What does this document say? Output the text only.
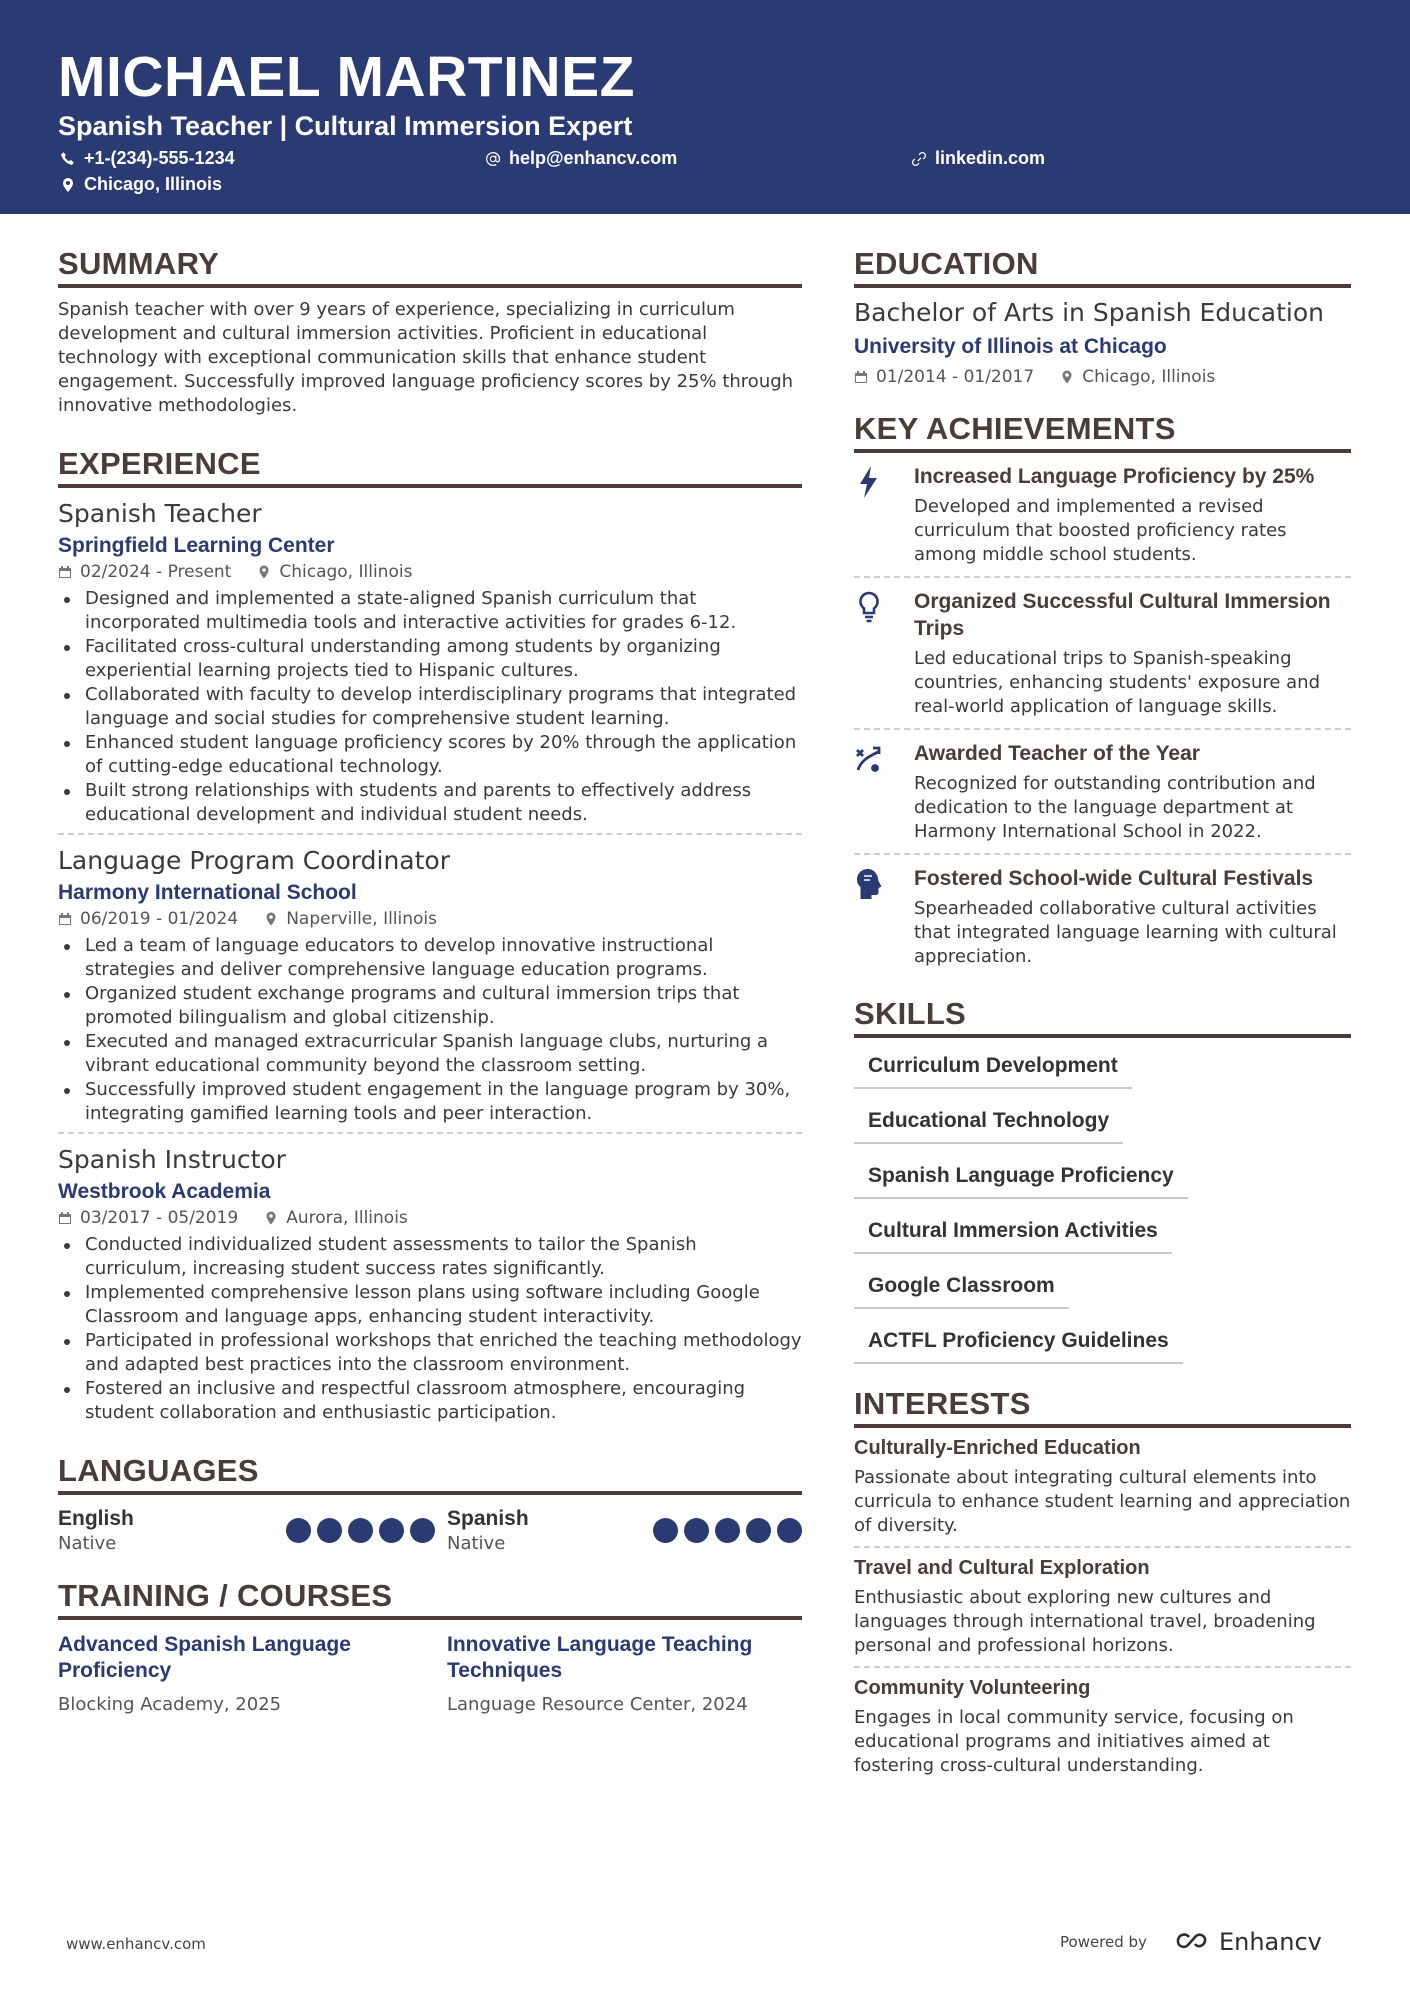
MICHAEL MARTINEZ
Spanish Teacher | Cultural Immersion Expert
+1-(234)-555-1234	help@enhancv.com	linkedin.com
Chicago, Illinois
SUMMARY
Spanish teacher with over 9 years of experience, specializing in curriculum development and cultural immersion activities. Proficient in educational technology with exceptional communication skills that enhance student engagement. Successfully improved language proficiency scores by 25% through innovative methodologies.
EXPERIENCE
Spanish Teacher
Springfield Learning Center
02/2024 - Present	Chicago, Illinois
Designed and implemented a state-aligned Spanish curriculum that incorporated multimedia tools and interactive activities for grades 6-12.
Facilitated cross-cultural understanding among students by organizing experiential learning projects tied to Hispanic cultures.
Collaborated with faculty to develop interdisciplinary programs that integrated language and social studies for comprehensive student learning.
Enhanced student language proficiency scores by 20% through the application of cutting-edge educational technology.
Built strong relationships with students and parents to effectively address educational development and individual student needs.
Language Program Coordinator
Harmony International School
06/2019 - 01/2024	Naperville, Illinois
Led a team of language educators to develop innovative instructional strategies and deliver comprehensive language education programs.
Organized student exchange programs and cultural immersion trips that promoted bilingualism and global citizenship.
Executed and managed extracurricular Spanish language clubs, nurturing a vibrant educational community beyond the classroom setting.
Successfully improved student engagement in the language program by 30%, integrating gamified learning tools and peer interaction.
Spanish Instructor
Westbrook Academia
03/2017 - 05/2019	Aurora, Illinois
Conducted individualized student assessments to tailor the Spanish curriculum, increasing student success rates significantly.
Implemented comprehensive lesson plans using software including Google Classroom and language apps, enhancing student interactivity.
Participated in professional workshops that enriched the teaching methodology and adapted best practices into the classroom environment.
Fostered an inclusive and respectful classroom atmosphere, encouraging student collaboration and enthusiastic participation.
LANGUAGES
English
Native
Spanish
Native
TRAINING / COURSES
Advanced Spanish Language Proficiency
Blocking Academy, 2025
Innovative Language Teaching Techniques
Language Resource Center, 2024
EDUCATION
Bachelor of Arts in Spanish Education
University of Illinois at Chicago
01/2014 - 01/2017	Chicago, Illinois
KEY ACHIEVEMENTS
Increased Language Proficiency by 25%
Developed and implemented a revised curriculum that boosted proficiency rates among middle school students.
Organized Successful Cultural Immersion Trips
Led educational trips to Spanish-speaking countries, enhancing students' exposure and real-world application of language skills.
Awarded Teacher of the Year
Recognized for outstanding contribution and dedication to the language department at Harmony International School in 2022.
Fostered School-wide Cultural Festivals
Spearheaded collaborative cultural activities that integrated language learning with cultural appreciation.
SKILLS
Curriculum Development
Educational Technology
Spanish Language Proficiency
Cultural Immersion Activities
Google Classroom
ACTFL Proficiency Guidelines
INTERESTS
Culturally-Enriched Education
Passionate about integrating cultural elements into curricula to enhance student learning and appreciation of diversity.
Travel and Cultural Exploration
Enthusiastic about exploring new cultures and languages through international travel, broadening personal and professional horizons.
Community Volunteering
Engages in local community service, focusing on educational programs and initiatives aimed at fostering cross-cultural understanding.
www.enhancv.com	Powered by	Enhancv
